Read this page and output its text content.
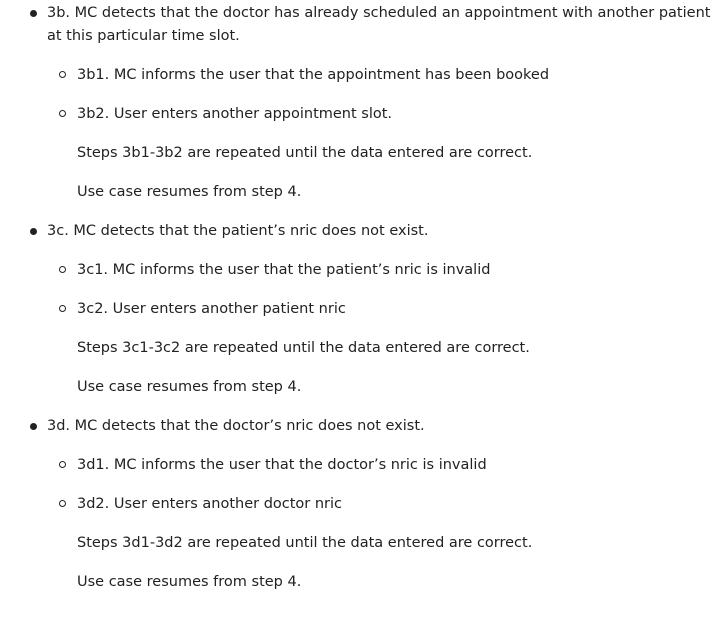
3b. MC detects that the doctor has already scheduled an appointment with another patient
at this particular time slot.
3b1. MC informs the user that the appointment has been booked
3b2. User enters another appointment slot.
Steps 3b1-3b2 are repeated until the data entered are correct.
Use case resumes from step 4.
3c. MC detects that the patient’s nric does not exist.
3c1. MC informs the user that the patient’s nric is invalid
3c2. User enters another patient nric
Steps 3c1-3c2 are repeated until the data entered are correct.
Use case resumes from step 4.
3d. MC detects that the doctor’s nric does not exist.
3d1. MC informs the user that the doctor’s nric is invalid
3d2. User enters another doctor nric
Steps 3d1-3d2 are repeated until the data entered are correct.
Use case resumes from step 4.
